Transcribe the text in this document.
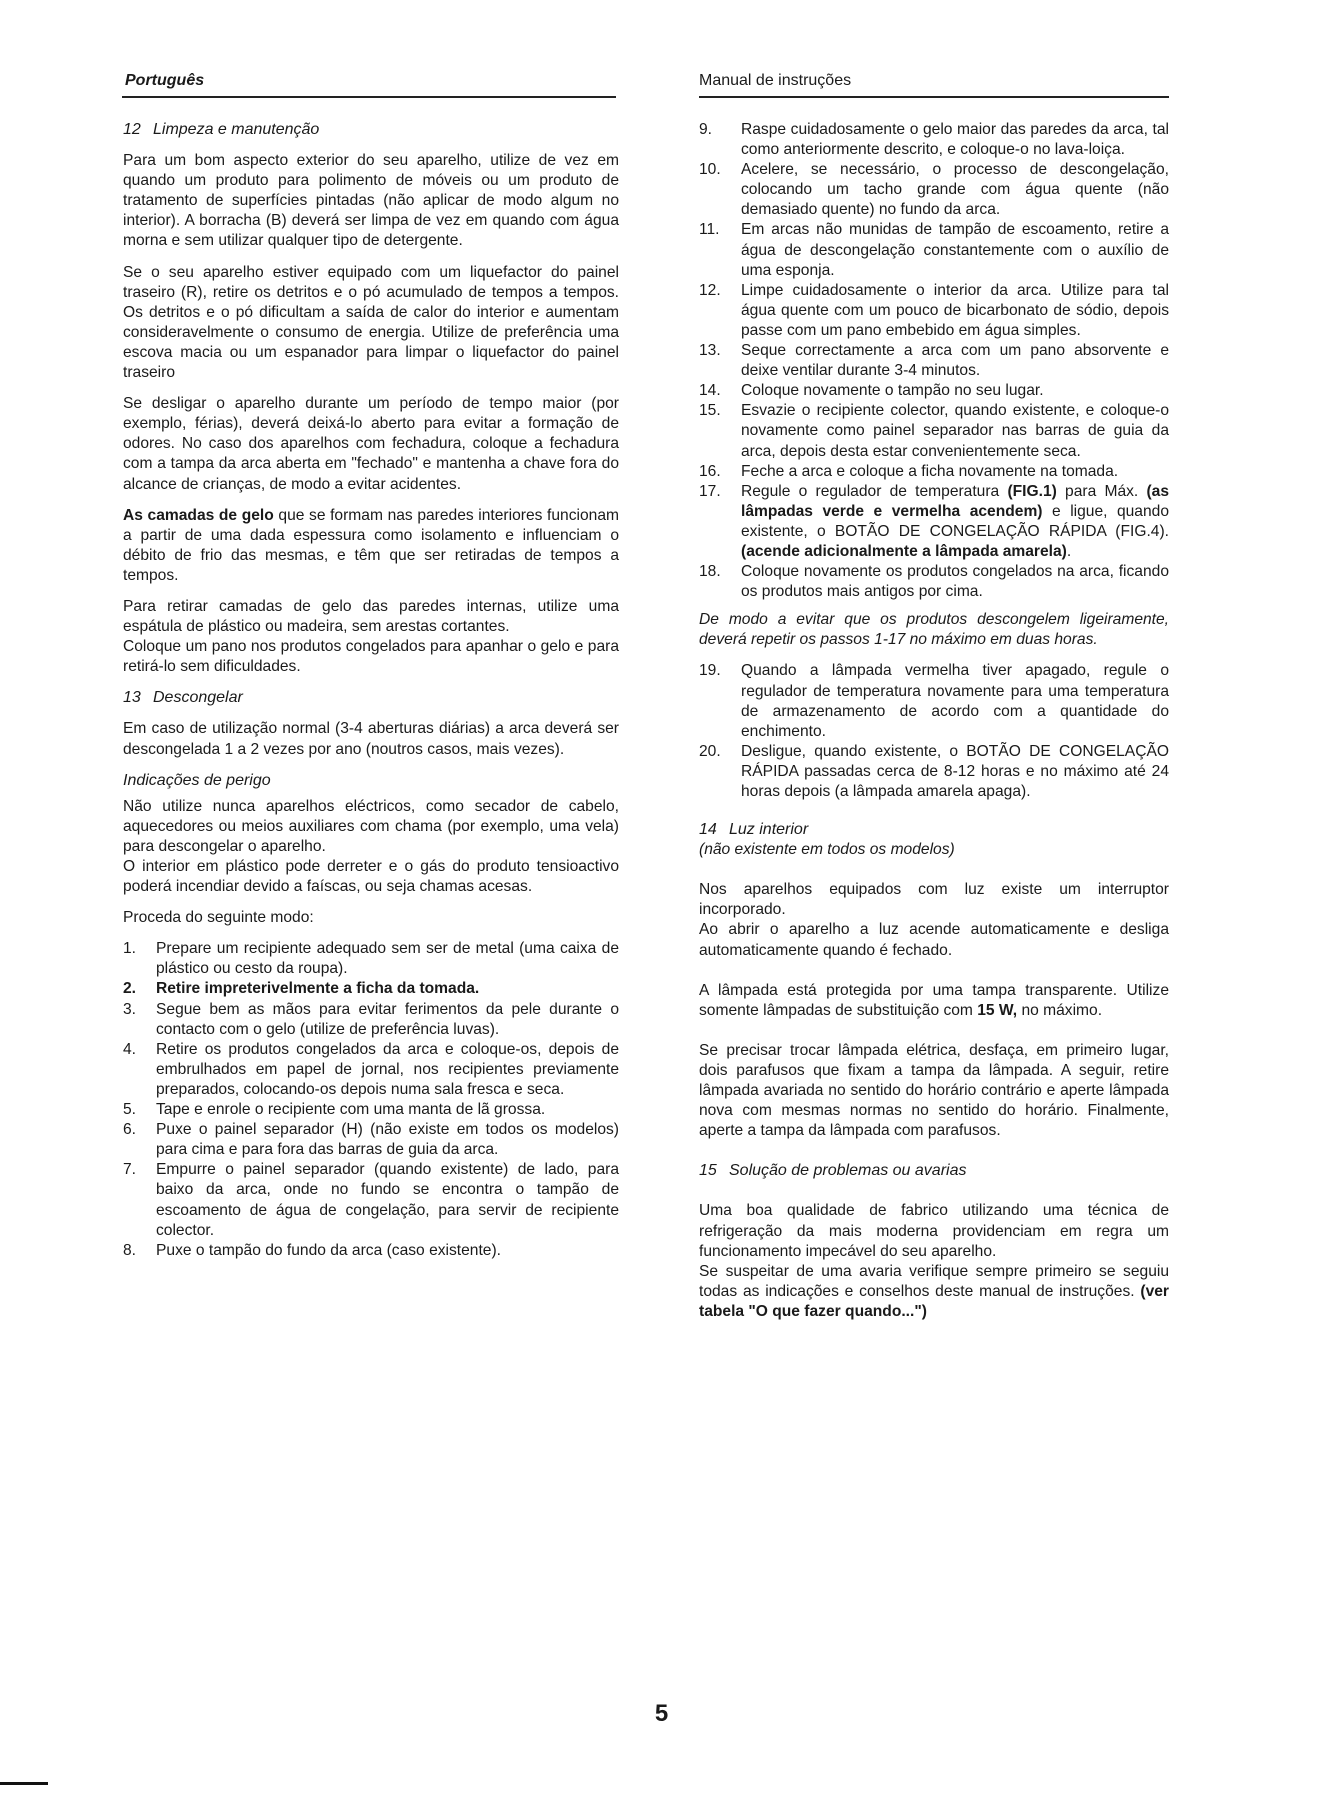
Português	Manual de instruções
12 Limpeza e manutenção

Para um bom aspecto exterior do seu aparelho, utilize de vez em quando um produto para polimento de móveis ou um produto de tratamento de superfícies pintadas (não aplicar de modo algum no interior). A borracha (B) deverá ser limpa de vez em quando com água morna e sem utilizar qualquer tipo de detergente.

Se o seu aparelho estiver equipado com um liquefactor do painel traseiro (R), retire os detritos e o pó acumulado de tempos a tempos. Os detritos e o pó dificultam a saída de calor do interior e aumentam consideravelmente o consumo de energia. Utilize de preferência uma escova macia ou um espanador para limpar o liquefactor do painel traseiro

Se desligar o aparelho durante um período de tempo maior (por exemplo, férias), deverá deixá-lo aberto para evitar a formação de odores. No caso dos aparelhos com fechadura, coloque a fechadura com a tampa da arca aberta em "fechado" e mantenha a chave fora do alcance de crianças, de modo a evitar acidentes.

As camadas de gelo que se formam nas paredes interiores funcionam a partir de uma dada espessura como isolamento e influenciam o débito de frio das mesmas, e têm que ser retiradas de tempos a tempos.

Para retirar camadas de gelo das paredes internas, utilize uma espátula de plástico ou madeira, sem arestas cortantes.

Coloque um pano nos produtos congelados para apanhar o gelo e para retirá-lo sem dificuldades.

13 Descongelar

Em caso de utilização normal (3-4 aberturas diárias) a arca deverá ser descongelada 1 a 2 vezes por ano (noutros casos, mais vezes).

Indicações de perigo

Não utilize nunca aparelhos eléctricos, como secador de cabelo, aquecedores ou meios auxiliares com chama (por exemplo, uma vela) para descongelar o aparelho.

O interior em plástico pode derreter e o gás do produto tensioactivo poderá incendiar devido a faíscas, ou seja chamas acesas.

Proceda do seguinte modo:

1. Prepare um recipiente adequado sem ser de metal (uma caixa de plástico ou cesto da roupa).
2. Retire impreterivelmente a ficha da tomada.
3. Segue bem as mãos para evitar ferimentos da pele durante o contacto com o gelo (utilize de preferência luvas).
4. Retire os produtos congelados da arca e coloque-os, depois de embrulhados em papel de jornal, nos recipientes previamente preparados, colocando-os depois numa sala fresca e seca.
5. Tape e enrole o recipiente com uma manta de lã grossa.
6. Puxe o painel separador (H) (não existe em todos os modelos) para cima e para fora das barras de guia da arca.
7. Empurre o painel separador (quando existente) de lado, para baixo da arca, onde no fundo se encontra o tampão de escoamento de água de congelação, para servir de recipiente colector.
8. Puxe o tampão do fundo da arca (caso existente).
9. Raspe cuidadosamente o gelo maior das paredes da arca, tal como anteriormente descrito, e coloque-o no lava-loiça.
10. Acelere, se necessário, o processo de descongelação, colocando um tacho grande com água quente (não demasiado quente) no fundo da arca.
11. Em arcas não munidas de tampão de escoamento, retire a água de descongelação constantemente com o auxílio de uma esponja.
12. Limpe cuidadosamente o interior da arca. Utilize para tal água quente com um pouco de bicarbonato de sódio, depois passe com um pano embebido em água simples.
13. Seque correctamente a arca com um pano absorvente e deixe ventilar durante 3-4 minutos.
14. Coloque novamente o tampão no seu lugar.
15. Esvazie o recipiente colector, quando existente, e coloque-o novamente como painel separador nas barras de guia da arca, depois desta estar convenientemente seca.
16. Feche a arca e coloque a ficha novamente na tomada.
17. Regule o regulador de temperatura (FIG.1) para Máx. (as lâmpadas verde e vermelha acendem) e ligue, quando existente, o BOTÃO DE CONGELAÇÃO RÁPIDA (FIG.4). (acende adicionalmente a lâmpada amarela).
18. Coloque novamente os produtos congelados na arca, ficando os produtos mais antigos por cima.

De modo a evitar que os produtos descongelem ligeiramente, deverá repetir os passos 1-17 no máximo em duas horas.

19. Quando a lâmpada vermelha tiver apagado, regule o regulador de temperatura novamente para uma temperatura de armazenamento de acordo com a quantidade do enchimento.
20. Desligue, quando existente, o BOTÃO DE CONGELAÇÃO RÁPIDA passadas cerca de 8-12 horas e no máximo até 24 horas depois (a lâmpada amarela apaga).
14 Luz interior

(não existente em todos os modelos)

Nos aparelhos equipados com luz existe um interruptor incorporado.

Ao abrir o aparelho a luz acende automaticamente e desliga automaticamente quando é fechado.

A lâmpada está protegida por uma tampa transparente. Utilize somente lâmpadas de substituição com 15 W, no máximo.

Se precisar trocar lâmpada elétrica, desfaça, em primeiro lugar, dois parafusos que fixam a tampa da lâmpada. A seguir, retire lâmpada avariada no sentido do horário contrário e aperte lâmpada nova com mesmas normas no sentido do horário. Finalmente, aperte a tampa da lâmpada com parafusos.

15 Solução de problemas ou avarias

Uma boa qualidade de fabrico utilizando uma técnica de refrigeração da mais moderna providenciam em regra um funcionamento impecável do seu aparelho.

Se suspeitar de uma avaria verifique sempre primeiro se seguiu todas as indicações e conselhos deste manual de instruções. (ver tabela "O que fazer quando...")

5
